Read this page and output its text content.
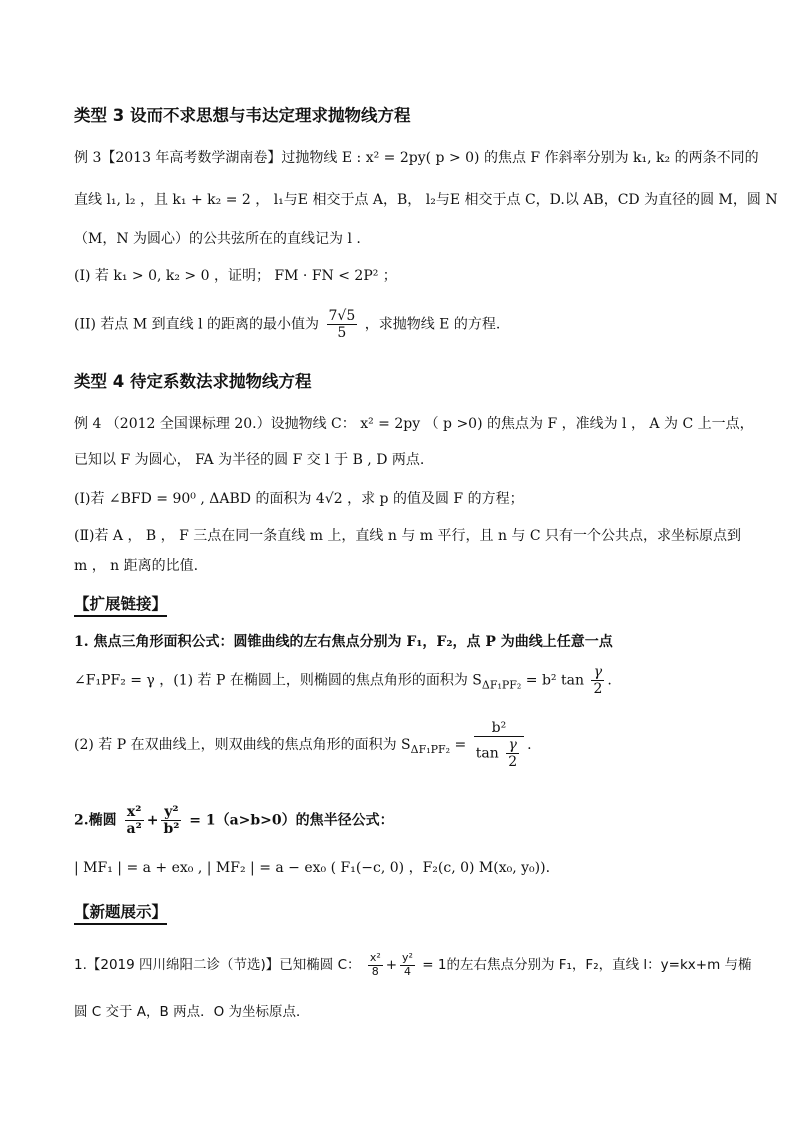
类型 3 设而不求思想与韦达定理求抛物线方程
例 3【2013 年高考数学湖南卷】过抛物线 E : x² = 2py( p > 0) 的焦点 F 作斜率分别为 k₁, k₂ 的两条不同的
直线 l₁, l₂ ，且 k₁ + k₂ = 2 ， l₁与E 相交于点 A，B， l₂与E 相交于点 C，D.以 AB，CD 为直径的圆 M，圆 N
（M，N 为圆心）的公共弦所在的直线记为 l .
(I) 若 k₁ > 0, k₂ > 0 ，证明； FM · FN < 2P² ；
(II) 若点 M 到直线 l 的距离的最小值为 $\frac{7√5}{5}$ ，求抛物线 E 的方程.
类型 4 待定系数法求抛物线方程
例 4 （2012 全国课标理 20.）设抛物线 C： x² = 2py （ p >0) 的焦点为 F ，准线为 l ， A 为 C 上一点，
已知以 F 为圆心， FA 为半径的圆 F 交 l 于 B , D 两点.
(Ⅰ)若 ∠BFD = 90⁰ , ΔABD 的面积为 4√2 ，求 p 的值及圆 F 的方程；
(Ⅱ)若 A ， B ， F 三点在同一条直线 m 上，直线 n 与 m 平行，且 n 与 C 只有一个公共点，求坐标原点到
m ， n 距离的比值.
【扩展链接】
1. 焦点三角形面积公式：圆锥曲线的左右焦点分别为 F₁，F₂，点 P 为曲线上任意一点
∠F₁PF₂ = γ ，(1) 若 P 在椭圆上，则椭圆的焦点角形的面积为 $S_{\Delta F_1PF_2} = b^2$ $\tan \frac{\gamma}{2}$ .
(2) 若 P 在双曲线上，则双曲线的焦点角形的面积为 $S_{\Delta F_1PF_2} = \frac{\text{b²}}{\tan \frac{\gamma}{2}}$ .
2.椭圆 $\frac{\text{x²}}{\text{a²}} + \frac{\text{y²}}{\text{b²}} = 1(a>b>0)$的焦半径公式：
| MF₁ | = a + ex₀ , | MF₂ | = a − ex₀ ( F₁(−c, 0) ，F₂(c, 0) M(x₀, y₀)).
【新题展示】
1.【2019 四川绵阳二诊（节选)】已知椭圆 C： $\frac{\text{x²}}{8} + \frac{\text{y²}}{4} = 1$的左右焦点分别为 F₁，F₂，直线 l：y=kx+m 与椭
圆 C 交于 A，B 两点．O 为坐标原点．
